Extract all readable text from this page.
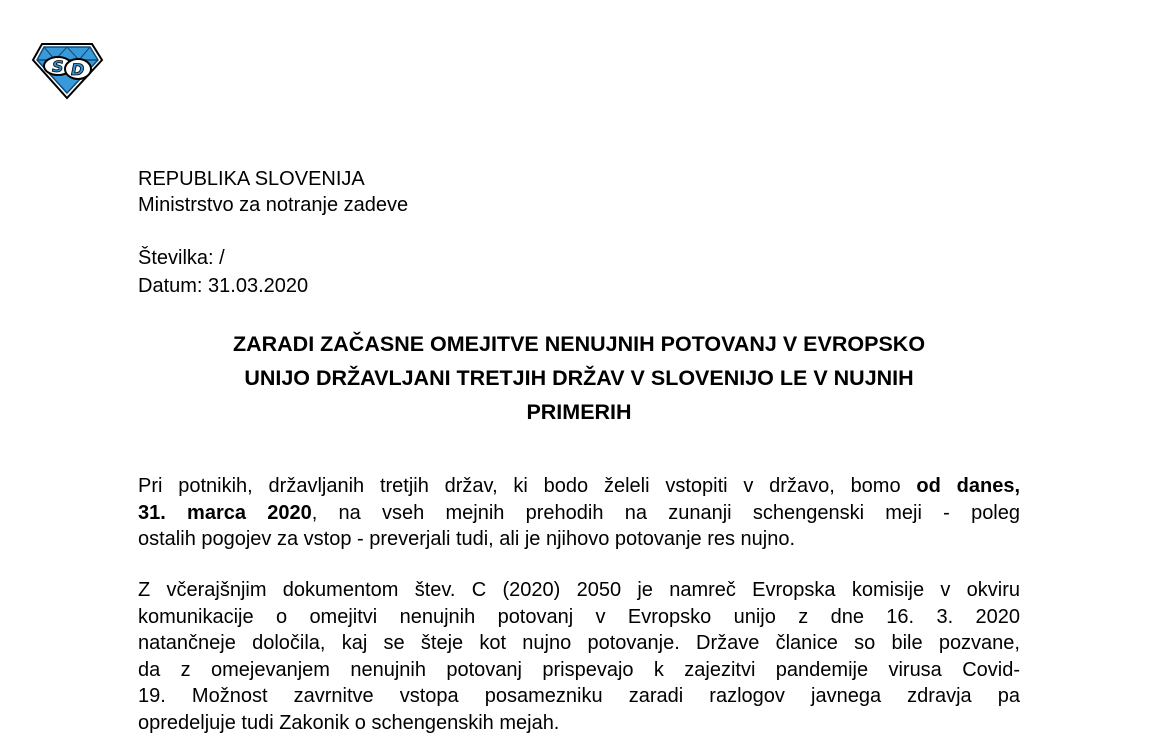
S D
REPUBLIKA SLOVENIJA
Ministrstvo za notranje zadeve
Številka: /
Datum: 31.03.2020
ZARADI ZAČASNE OMEJITVE NENUJNIH POTOVANJ V EVROPSKO
UNIJO DRŽAVLJANI TRETJIH DRŽAV V SLOVENIJO LE V NUJNIH
PRIMERIH
Pri potnikih, državljanih tretjih držav, ki bodo želeli vstopiti v državo, bomo od danes,
31. marca 2020, na vseh mejnih prehodih na zunanji schengenski meji - poleg
ostalih pogojev za vstop - preverjali tudi, ali je njihovo potovanje res nujno.
Z včerajšnjim dokumentom štev. C (2020) 2050 je namreč Evropska komisije v okviru
komunikacije o omejitvi nenujnih potovanj v Evropsko unijo z dne 16. 3. 2020
natančneje določila, kaj se šteje kot nujno potovanje. Države članice so bile pozvane,
da z omejevanjem nenujnih potovanj prispevajo k zajezitvi pandemije virusa Covid-
19. Možnost zavrnitve vstopa posamezniku zaradi razlogov javnega zdravja pa
opredeljuje tudi Zakonik o schengenskih mejah.
